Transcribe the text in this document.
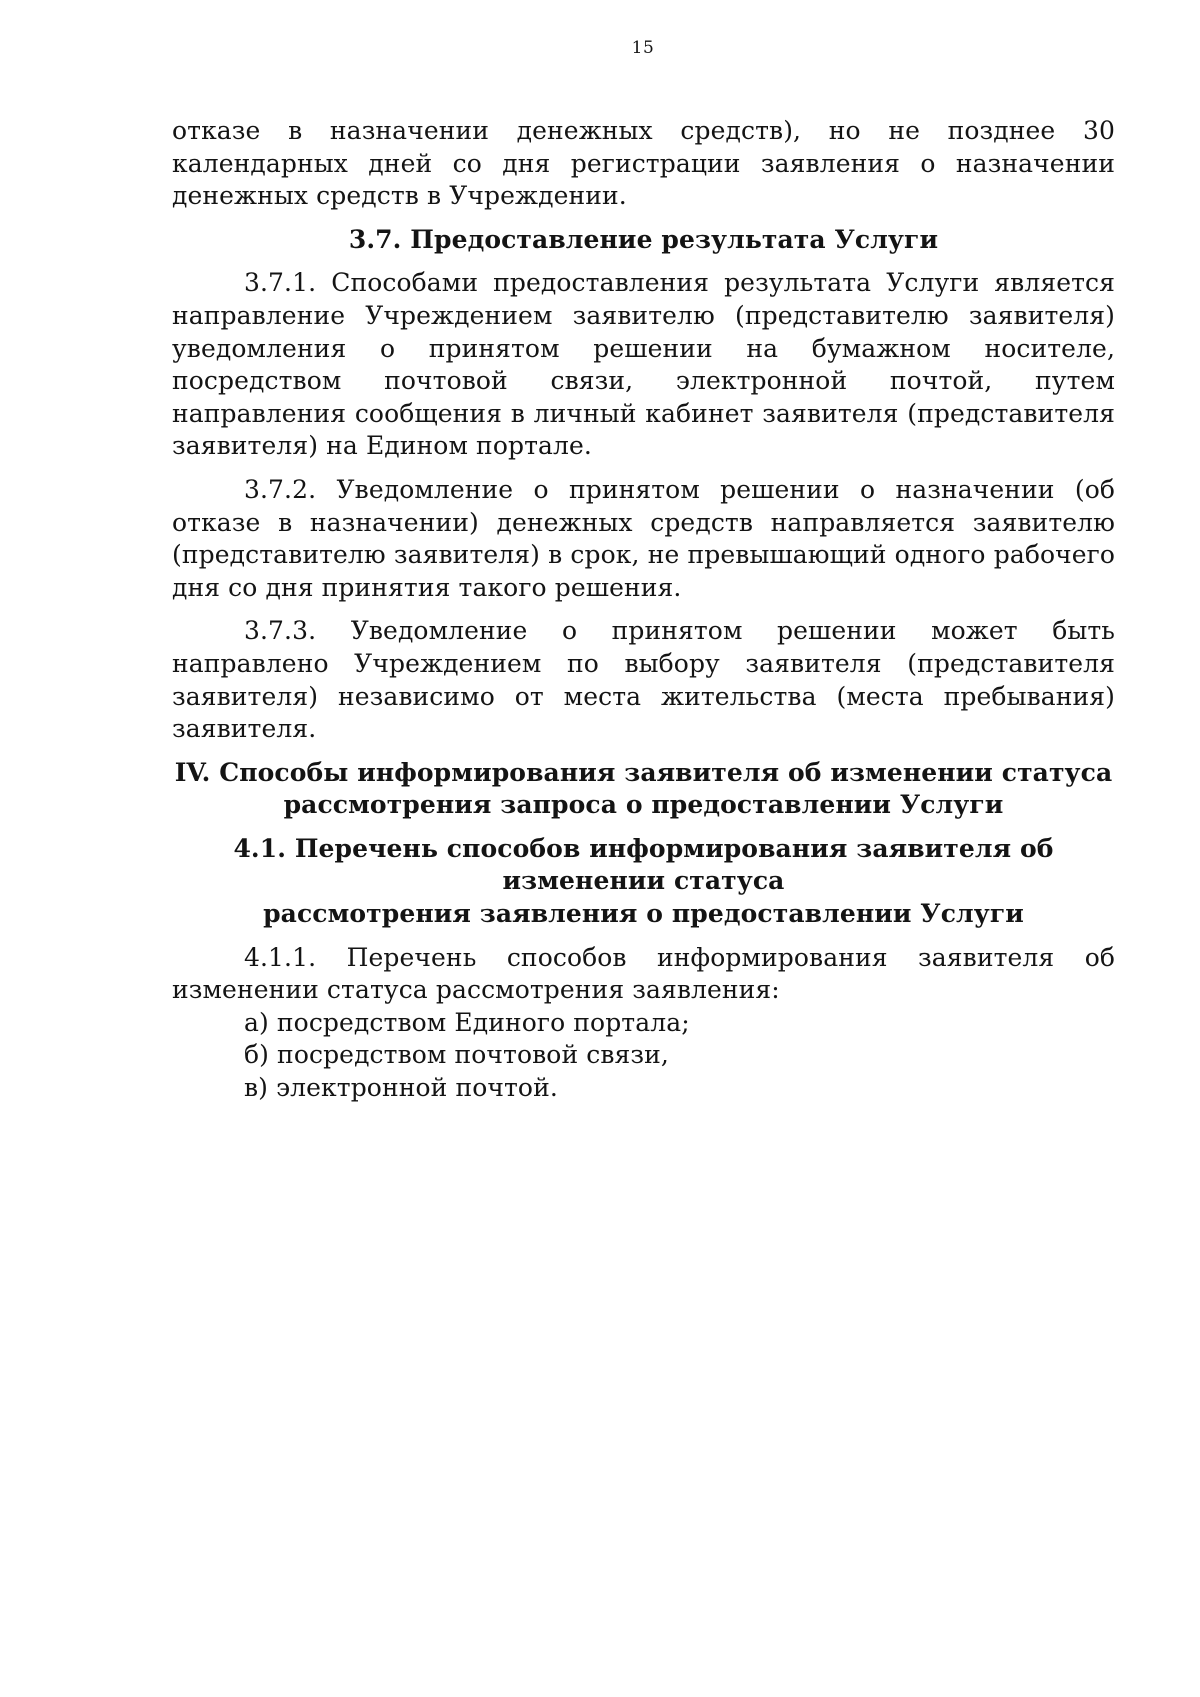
15

отказе в назначении денежных средств), но не позднее 30 календарных дней со дня регистрации заявления о назначении денежных средств в Учреждении.

3.7. Предоставление результата Услуги

3.7.1. Способами предоставления результата Услуги является направление Учреждением заявителю (представителю заявителя) уведомления о принятом решении на бумажном носителе, посредством почтовой связи, электронной почтой, путем направления сообщения в личный кабинет заявителя (представителя заявителя) на Едином портале.

3.7.2. Уведомление о принятом решении о назначении (об отказе в назначении) денежных средств направляется заявителю (представителю заявителя) в срок, не превышающий одного рабочего дня со дня принятия такого решения.

3.7.3. Уведомление о принятом решении может быть направлено Учреждением по выбору заявителя (представителя заявителя) независимо от места жительства (места пребывания) заявителя.

IV. Способы информирования заявителя об изменении статуса
рассмотрения запроса о предоставлении Услуги
4.1. Перечень способов информирования заявителя об изменении статуса
рассмотрения заявления о предоставлении Услуги

4.1.1. Перечень способов информирования заявителя об изменении статуса рассмотрения заявления:

а) посредством Единого портала;
б) посредством почтовой связи,
в) электронной почтой.
